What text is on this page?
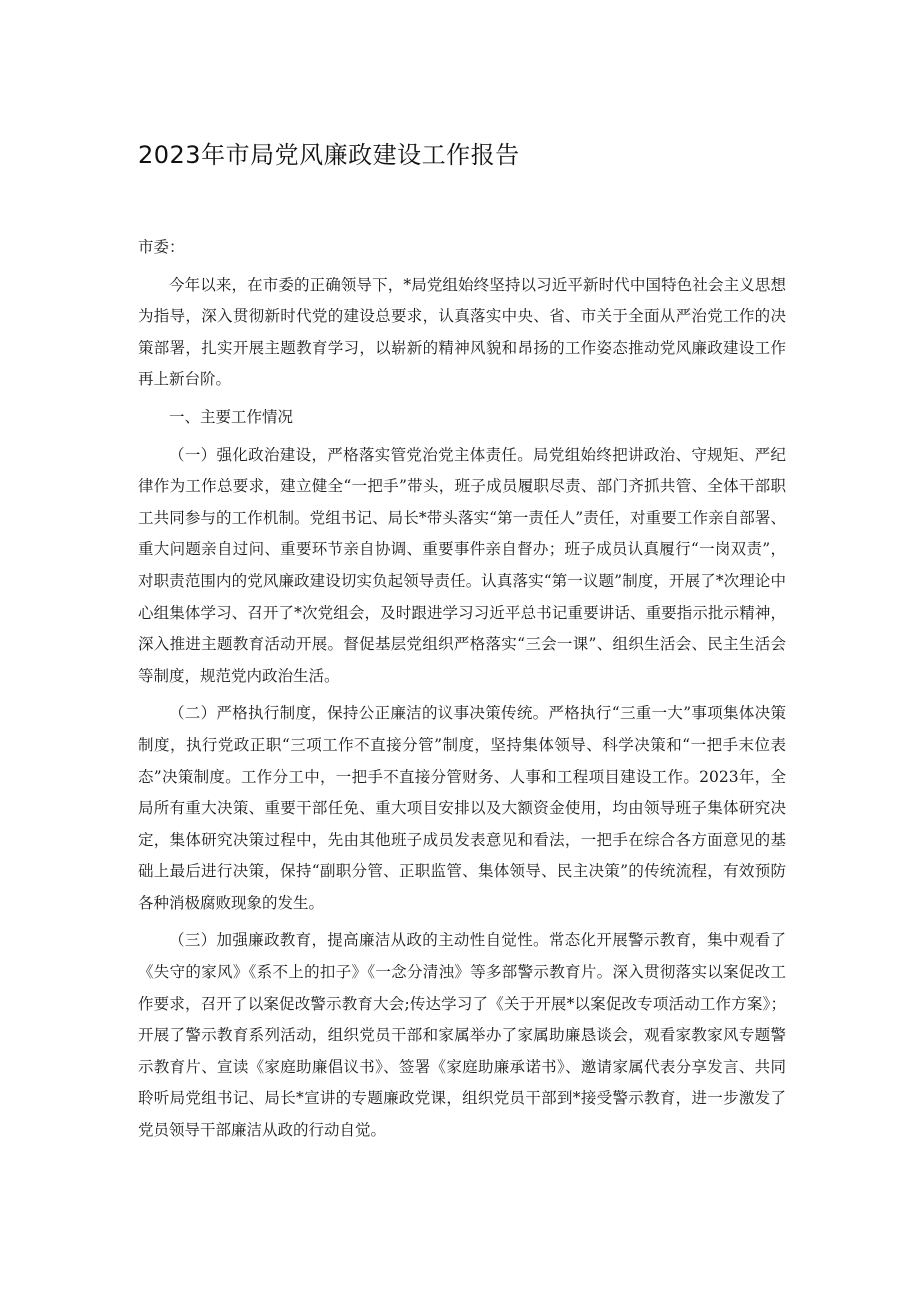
2023年市局党风廉政建设工作报告

市委：

今年以来，在市委的正确领导下，*局党组始终坚持以习近平新时代中国特色社会主义思想为指导，深入贯彻新时代党的建设总要求，认真落实中央、省、市关于全面从严治党工作的决策部署，扎实开展主题教育学习，以崭新的精神风貌和昂扬的工作姿态推动党风廉政建设工作再上新台阶。

一、主要工作情况

（一）强化政治建设，严格落实管党治党主体责任。局党组始终把讲政治、守规矩、严纪律作为工作总要求，建立健全“一把手”带头，班子成员履职尽责、部门齐抓共管、全体干部职工共同参与的工作机制。党组书记、局长*带头落实“第一责任人”责任，对重要工作亲自部署、重大问题亲自过问、重要环节亲自协调、重要事件亲自督办；班子成员认真履行“一岗双责”，对职责范围内的党风廉政建设切实负起领导责任。认真落实“第一议题”制度，开展了*次理论中心组集体学习、召开了*次党组会，及时跟进学习习近平总书记重要讲话、重要指示批示精神，深入推进主题教育活动开展。督促基层党组织严格落实“三会一课”、组织生活会、民主生活会等制度，规范党内政治生活。

（二）严格执行制度，保持公正廉洁的议事决策传统。严格执行“三重一大”事项集体决策制度，执行党政正职“三项工作不直接分管”制度，坚持集体领导、科学决策和“一把手末位表态”决策制度。工作分工中，一把手不直接分管财务、人事和工程项目建设工作。2023年，全局所有重大决策、重要干部任免、重大项目安排以及大额资金使用，均由领导班子集体研究决定，集体研究决策过程中，先由其他班子成员发表意见和看法，一把手在综合各方面意见的基础上最后进行决策，保持“副职分管、正职监管、集体领导、民主决策”的传统流程，有效预防各种消极腐败现象的发生。

（三）加强廉政教育，提高廉洁从政的主动性自觉性。常态化开展警示教育，集中观看了《失守的家风》《系不上的扣子》《一念分清浊》等多部警示教育片。深入贯彻落实以案促改工作要求，召开了以案促改警示教育大会;传达学习了《关于开展*以案促改专项活动工作方案》；开展了警示教育系列活动，组织党员干部和家属举办了家属助廉恳谈会，观看家教家风专题警示教育片、宣读《家庭助廉倡议书》、签署《家庭助廉承诺书》、邀请家属代表分享发言、共同聆听局党组书记、局长*宣讲的专题廉政党课，组织党员干部到*接受警示教育，进一步激发了党员领导干部廉洁从政的行动自觉。
